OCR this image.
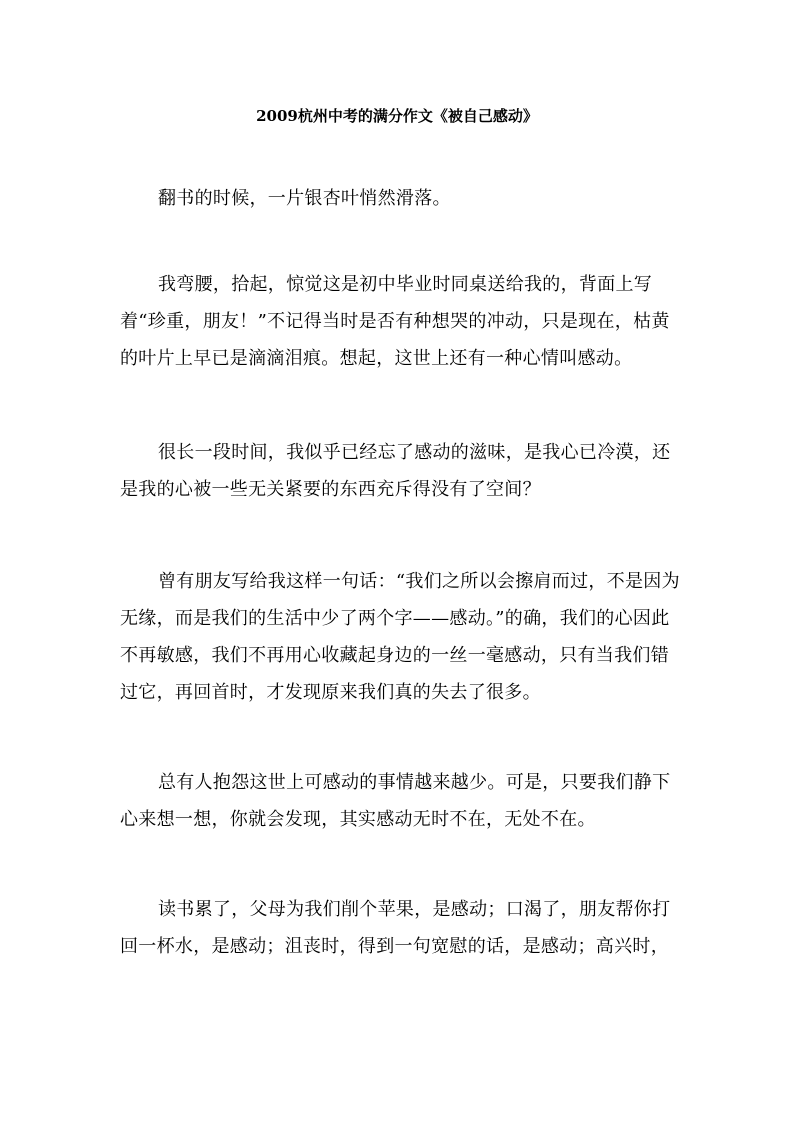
2009杭州中考的满分作文《被自己感动》

翻书的时候，一片银杏叶悄然滑落。

我弯腰，拾起，惊觉这是初中毕业时同桌送给我的，背面上写着“珍重，朋友！”不记得当时是否有种想哭的冲动，只是现在，枯黄的叶片上早已是滴滴泪痕。想起，这世上还有一种心情叫感动。

很长一段时间，我似乎已经忘了感动的滋味，是我心已冷漠，还是我的心被一些无关紧要的东西充斥得没有了空间？

曾有朋友写给我这样一句话：“我们之所以会擦肩而过，不是因为无缘，而是我们的生活中少了两个字——感动。”的确，我们的心因此不再敏感，我们不再用心收藏起身边的一丝一毫感动，只有当我们错过它，再回首时，才发现原来我们真的失去了很多。

总有人抱怨这世上可感动的事情越来越少。可是，只要我们静下心来想一想，你就会发现，其实感动无时不在，无处不在。

读书累了，父母为我们削个苹果，是感动；口渴了，朋友帮你打回一杯水，是感动；沮丧时，得到一句宽慰的话，是感动；高兴时，
